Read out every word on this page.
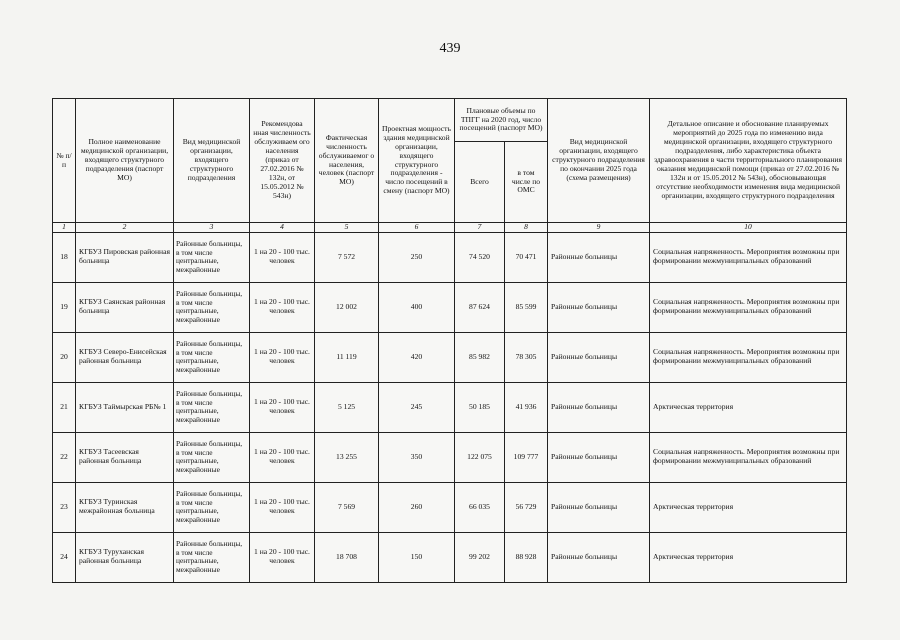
439
№ п/п	Полное наименование медицинской организации, входящего структурного подразделения (паспорт МО)	Вид медицинской организации, входящего структурного подразделения	Рекомендова нная численность обслуживаем ого населения (приказ от 27.02.2016 № 132н, от 15.05.2012 № 543н)	Фактическая численность обслуживаемог о населения, человек (паспорт МО)	Проектная мощность здания медицинской организации, входящего структурного подразделения - число посещений в смену (паспорт МО)	Плановые объемы по ТПГГ на 2020 год, число посещений (паспорт МО)		Вид медицинской организации, входящего структурного подразделения по окончании 2025 года (схема размещения)	Детальное описание и обоснование планируемых мероприятий до 2025 года по изменению вида медицинской организации, входящего структурного подразделения, либо характеристика объекта здравоохранения в части территориального планирования оказания медицинской помощи (приказ от 27.02.2016 № 132н и от 15.05.2012 № 543н), обосновывающая отсутствие необходимости изменения вида медицинской организации, входящего структурного подразделения
						Всего	в том числе по ОМС		
1	2	3	4	5	6	7	8	9	10
18	КГБУЗ Пировская районная больница	Районные больницы, в том числе центральные, межрайонные	1 на 20 - 100 тыс. человек	7 572	250	74 520	70 471	Районные больницы	Социальная напряженность. Мероприятия возможны при формировании межмуниципальных образований
19	КГБУЗ Саянская районная больница	Районные больницы, в том числе центральные, межрайонные	1 на 20 - 100 тыс. человек	12 002	400	87 624	85 599	Районные больницы	Социальная напряженность. Мероприятия возможны при формировании межмуниципальных образований
20	КГБУЗ Северо-Енисейская районная больница	Районные больницы, в том числе центральные, межрайонные	1 на 20 - 100 тыс. человек	11 119	420	85 982	78 305	Районные больницы	Социальная напряженность. Мероприятия возможны при формировании межмуниципальных образований
21	КГБУЗ Таймырская РБ№ 1	Районные больницы, в том числе центральные, межрайонные	1 на 20 - 100 тыс. человек	5 125	245	50 185	41 936	Районные больницы	Арктическая территория
22	КГБУЗ Тасеевская районная больница	Районные больницы, в том числе центральные, межрайонные	1 на 20 - 100 тыс. человек	13 255	350	122 075	109 777	Районные больницы	Социальная напряженность. Мероприятия возможны при формировании межмуниципальных образований
23	КГБУЗ Туринская межрайонная больница	Районные больницы, в том числе центральные, межрайонные	1 на 20 - 100 тыс. человек	7 569	260	66 035	56 729	Районные больницы	Арктическая территория
24	КГБУЗ Туруханская районная больница	Районные больницы, в том числе центральные, межрайонные	1 на 20 - 100 тыс. человек	18 708	150	99 202	88 928	Районные больницы	Арктическая территория
